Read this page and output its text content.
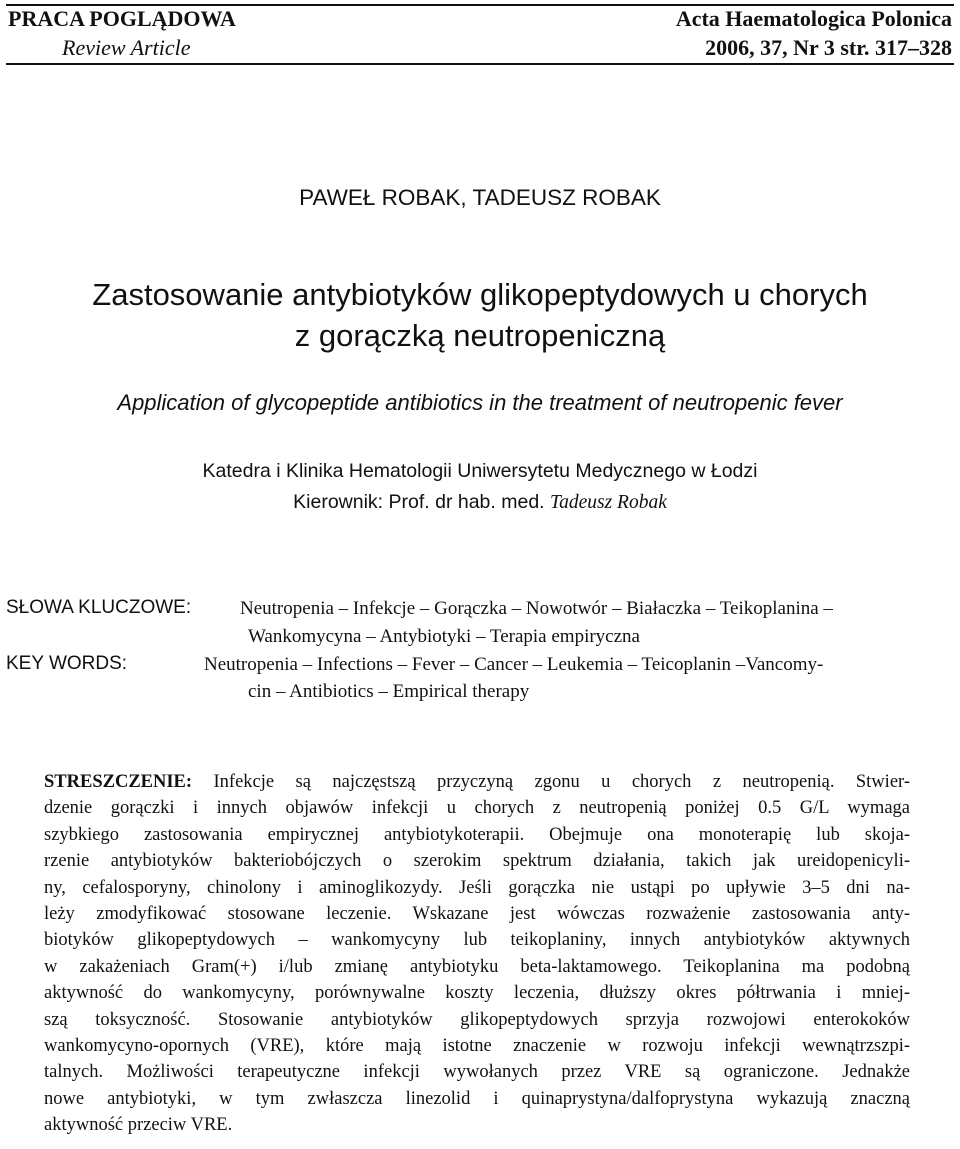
PRACA POGLĄDOWA
Review Article
Acta Haematologica Polonica
2006, 37, Nr 3 str. 317–328
PAWEŁ ROBAK, TADEUSZ ROBAK
Zastosowanie antybiotyków glikopeptydowych u chorych
z gorączką neutropeniczną
Application of glycopeptide antibiotics in the treatment of neutropenic fever
Katedra i Klinika Hematologii Uniwersytetu Medycznego w Łodzi
Kierownik: Prof. dr hab. med. Tadeusz Robak
SŁOWA KLUCZOWE:	Neutropenia – Infekcje – Gorączka – Nowotwór – Białaczka – Teikoplanina –
Wankomycyna – Antybiotyki – Terapia empiryczna
KEY WORDS:	Neutropenia – Infections – Fever – Cancer – Leukemia – Teicoplanin –Vancomy-
cin – Antibiotics – Empirical therapy
STRESZCZENIE: Infekcje są najczęstszą przyczyną zgonu u chorych z neutropenią. Stwier-
dzenie gorączki i innych objawów infekcji u chorych z neutropenią poniżej 0.5 G/L wymaga
szybkiego zastosowania empirycznej antybiotykoterapii. Obejmuje ona monoterapię lub skoja-
rzenie antybiotyków bakteriobójczych o szerokim spektrum działania, takich jak ureidopenicyli-
ny, cefalosporyny, chinolony i aminoglikozydy. Jeśli gorączka nie ustąpi po upływie 3–5 dni na-
leży zmodyfikować stosowane leczenie. Wskazane jest wówczas rozważenie zastosowania anty-
biotyków glikopeptydowych – wankomycyny lub teikoplaniny, innych antybiotyków aktywnych
w zakażeniach Gram(+) i/lub zmianę antybiotyku beta-laktamowego. Teikoplanina ma podobną
aktywność do wankomycyny, porównywalne koszty leczenia, dłuższy okres półtrwania i mniej-
szą toksyczność. Stosowanie antybiotyków glikopeptydowych sprzyja rozwojowi enterokoków
wankomycyno-opornych (VRE), które mają istotne znaczenie w rozwoju infekcji wewnątrzszpi-
talnych. Możliwości terapeutyczne infekcji wywołanych przez VRE są ograniczone. Jednakże
nowe antybiotyki, w tym zwłaszcza linezolid i quinaprystyna/dalfoprystyna wykazują znaczną
aktywność przeciw VRE.
